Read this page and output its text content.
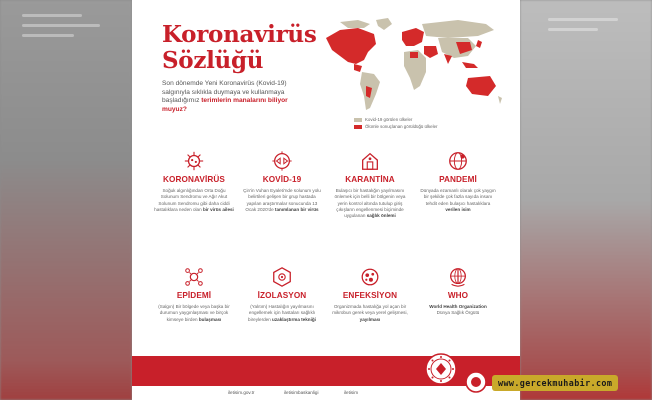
Koronavirüs
Sözlüğü
Son dönemde Yeni Koronavirüs (Kovid-19) salgınıyla sıklıkla duymaya ve kullanmaya başladığımız terimlerin manalarını biliyor muyuz?
Kovid-19 görülen ülkeler
Ölümle sonuçlanan görüldüğü ülkeler
KORONAVİRÜS
Soğuk algınlığından Orta Doğu Solunum Sendromu ve Ağır Akut Solunum Sendromu gibi daha ciddi hastalıklara neden olan bir virüs ailesi
KOVİD-19
Çin'in Vuhan Eyaleti'nde solunum yolu belirtileri gelişen bir grup hastada yapılan araştırmalar sonucunda 13 Ocak 2020'de tanımlanan bir virüs
KARANTİNA
Bulaşıcı bir hastalığın yayılmasını önlemek için belli bir bölgenin veya yerin kontrol altında tutulup giriş çıkışların engellenmesi biçiminde uygulanan sağlık önlemi
PANDEMİ
Dünyada ezamanlı olarak çok yaygın bir şekilde çok fazla sayıda insanı tehdit eden bulaşıcı hastalıklara verilen isim
EPİDEMİ
(Salgın) Bir bölgede veya başka bir durumun yaygınlaşması ve birçok kimseye birden bulaşması
İZOLASYON
(Yalıtım) Hastalığın yayılmasını engellemek için hastaları sağlıklı bireylerden uzaklaştırma tekniği
ENFEKSİYON
Organizmada hastalığa yol açan bir mikrobun gerek veya yerel gelişmesi, yayılması
WHO
World Health Organization
Dünya Sağlık Örgütü
iletisim.gov.tr	iletisimbaskanligi	iletisim
www.gercekmuhabir.com
